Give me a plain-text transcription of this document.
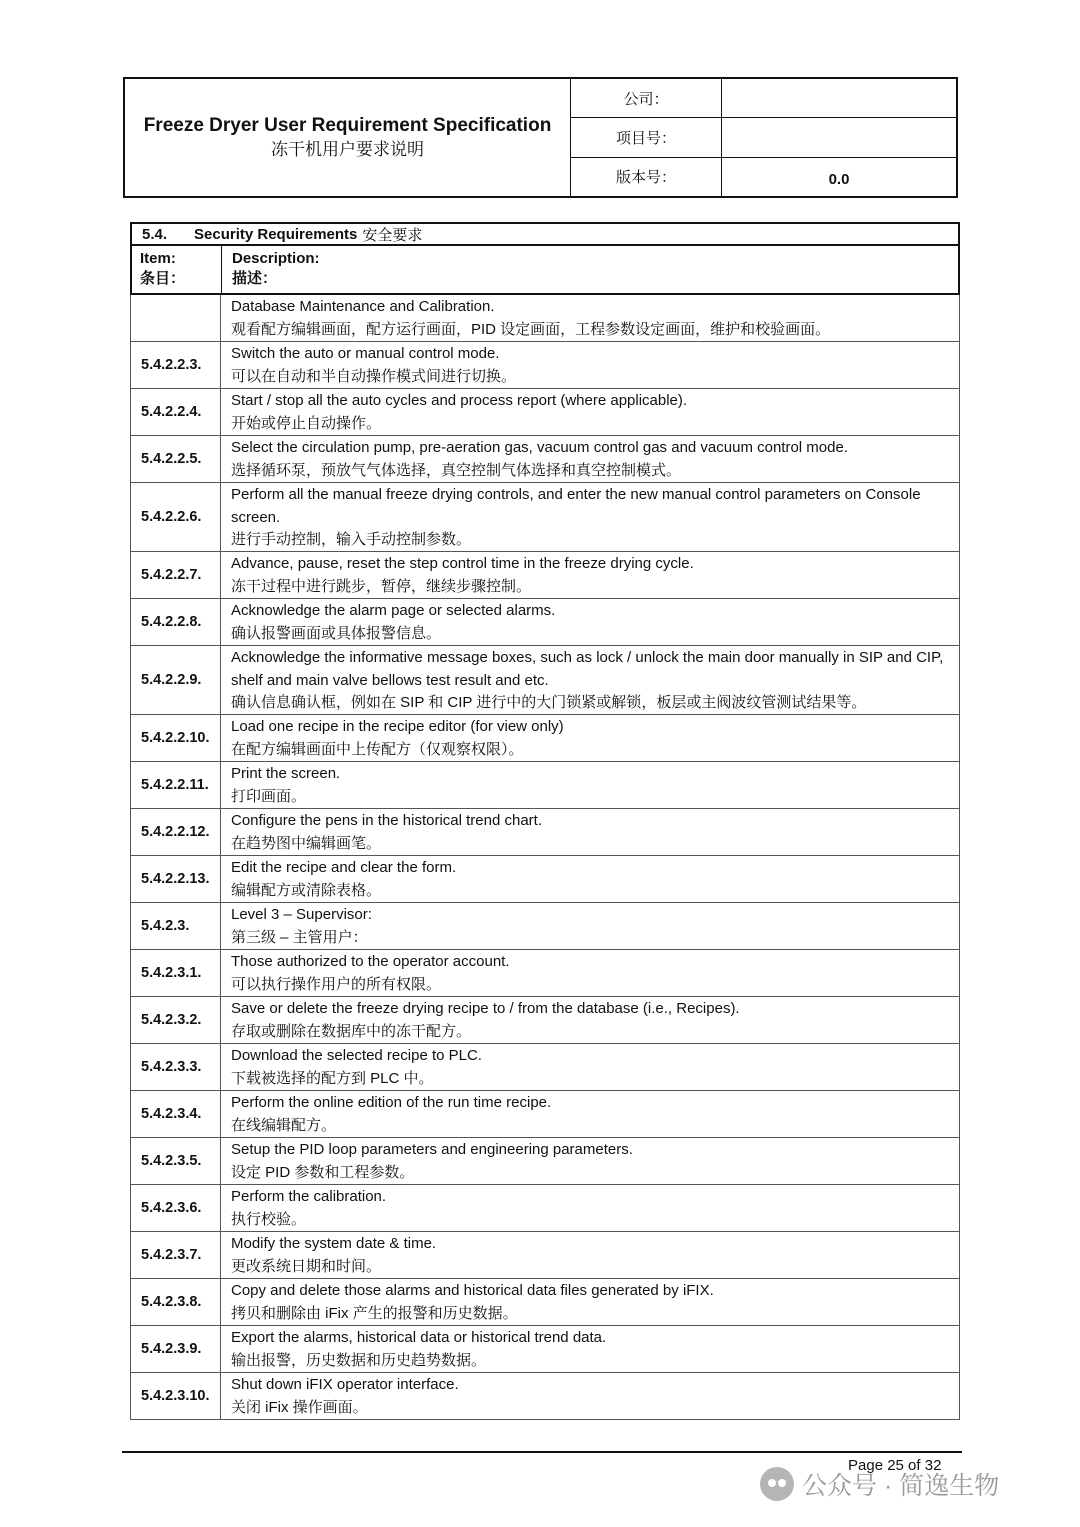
Freeze Dryer User Requirement Specification
冻干机用户要求说明
公司：
项目号：
版本号：	0.0
5.4.	Security Requirements 安全要求
Item:
条目：
Description:
描述：
Database Maintenance and Calibration.
观看配方编辑画面，配方运行画面，PID 设定画面，工程参数设定画面，维护和校验画面。
5.4.2.2.3.
Switch the auto or manual control mode.
可以在自动和半自动操作模式间进行切换。
5.4.2.2.4.
Start / stop all the auto cycles and process report (where applicable).
开始或停止自动操作。
5.4.2.2.5.
Select the circulation pump, pre-aeration gas, vacuum control gas and vacuum control mode.
选择循环泵，预放气气体选择，真空控制气体选择和真空控制模式。
5.4.2.2.6.
Perform all the manual freeze drying controls, and enter the new manual control parameters on Console screen.
进行手动控制，输入手动控制参数。
5.4.2.2.7.
Advance, pause, reset the step control time in the freeze drying cycle.
冻干过程中进行跳步，暂停，继续步骤控制。
5.4.2.2.8.
Acknowledge the alarm page or selected alarms.
确认报警画面或具体报警信息。
5.4.2.2.9.
Acknowledge the informative message boxes, such as lock / unlock the main door manually in SIP and CIP, shelf and main valve bellows test result and etc.
确认信息确认框，例如在 SIP 和 CIP 进行中的大门锁紧或解锁，板层或主阀波纹管测试结果等。
5.4.2.2.10.
Load one recipe in the recipe editor (for view only)
在配方编辑画面中上传配方（仅观察权限）。
5.4.2.2.11.
Print the screen.
打印画面。
5.4.2.2.12.
Configure the pens in the historical trend chart.
在趋势图中编辑画笔。
5.4.2.2.13.
Edit the recipe and clear the form.
编辑配方或清除表格。
5.4.2.3.
Level 3 – Supervisor:
第三级 – 主管用户：
5.4.2.3.1.
Those authorized to the operator account.
可以执行操作用户的所有权限。
5.4.2.3.2.
Save or delete the freeze drying recipe to / from the database (i.e., Recipes).
存取或删除在数据库中的冻干配方。
5.4.2.3.3.
Download the selected recipe to PLC.
下载被选择的配方到 PLC 中。
5.4.2.3.4.
Perform the online edition of the run time recipe.
在线编辑配方。
5.4.2.3.5.
Setup the PID loop parameters and engineering parameters.
设定 PID 参数和工程参数。
5.4.2.3.6.
Perform the calibration.
执行校验。
5.4.2.3.7.
Modify the system date & time.
更改系统日期和时间。
5.4.2.3.8.
Copy and delete those alarms and historical data files generated by iFIX.
拷贝和删除由 iFix 产生的报警和历史数据。
5.4.2.3.9.
Export the alarms, historical data or historical trend data.
输出报警，历史数据和历史趋势数据。
5.4.2.3.10.
Shut down iFIX operator interface.
关闭 iFix 操作画面。
Page 25 of 32
公众号 · 简逸生物
